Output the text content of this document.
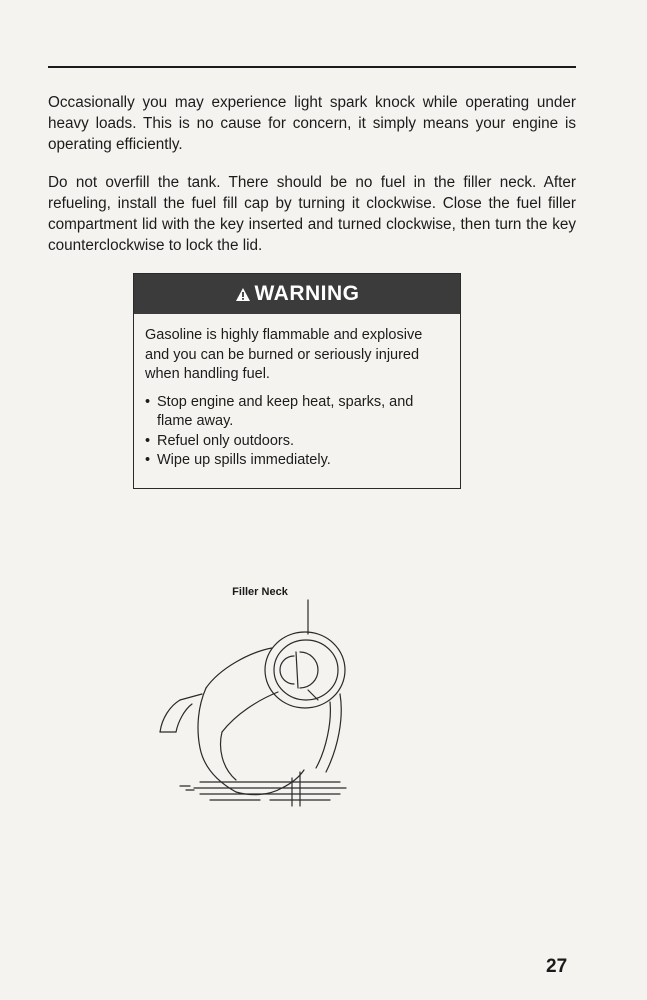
Occasionally you may experience light spark knock while operating under heavy loads. This is no cause for concern, it simply means your engine is operating efficiently.

Do not overfill the tank. There should be no fuel in the filler neck. After refueling, install the fuel fill cap by turning it clockwise. Close the fuel filler compartment lid with the key inserted and turned clockwise, then turn the key counterclockwise to lock the lid.

WARNING

Gasoline is highly flammable and explosive and you can be burned or seriously injured when handling fuel.

• Stop engine and keep heat, sparks, and flame away.
• Refuel only outdoors.
• Wipe up spills immediately.
Filler Neck
27
